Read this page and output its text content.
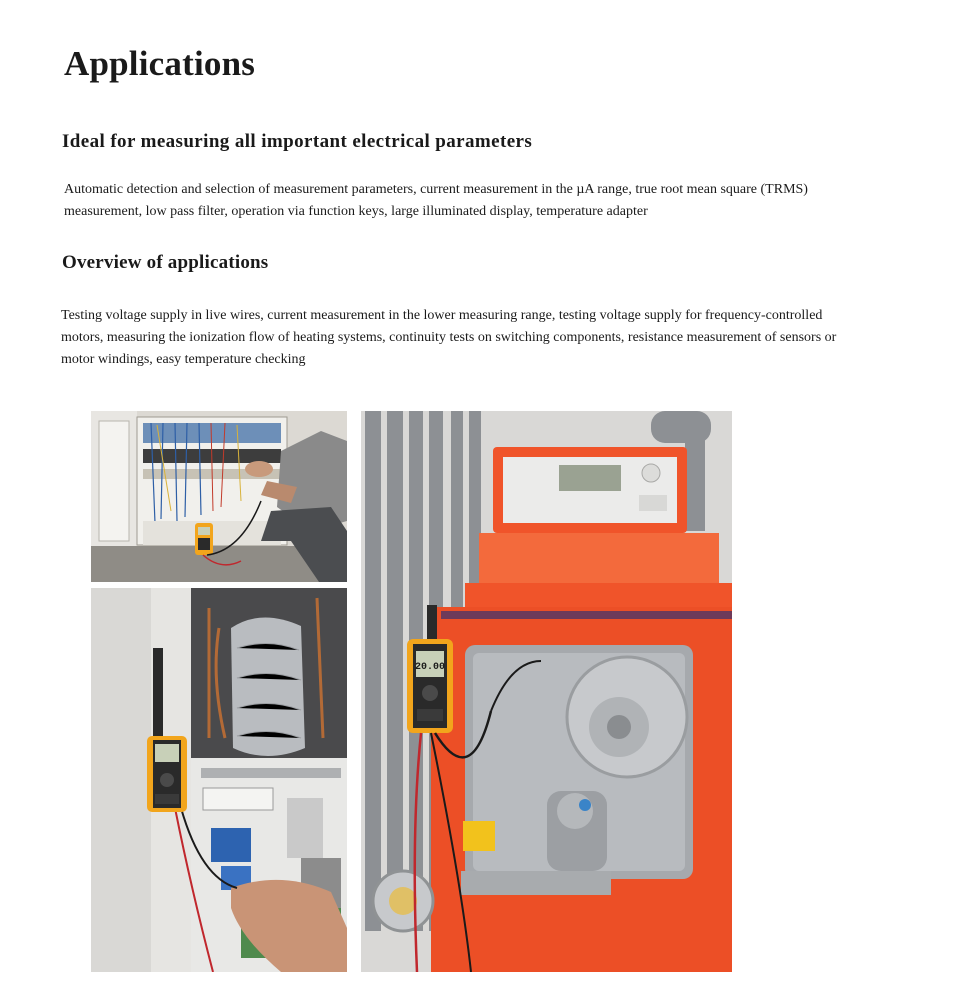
Applications
Ideal for measuring all important electrical parameters

Automatic detection and selection of measurement parameters, current measurement in the µA range, true root mean square (TRMS) measurement, low pass filter, operation via function keys, large illuminated display, temperature adapter

Overview of applications

Testing voltage supply in live wires, current measurement in the lower measuring range, testing voltage supply for frequency-controlled motors, measuring the ionization flow of heating systems, continuity tests on switching components, resistance measurement of sensors or motor windings, easy temperature checking

20.00
